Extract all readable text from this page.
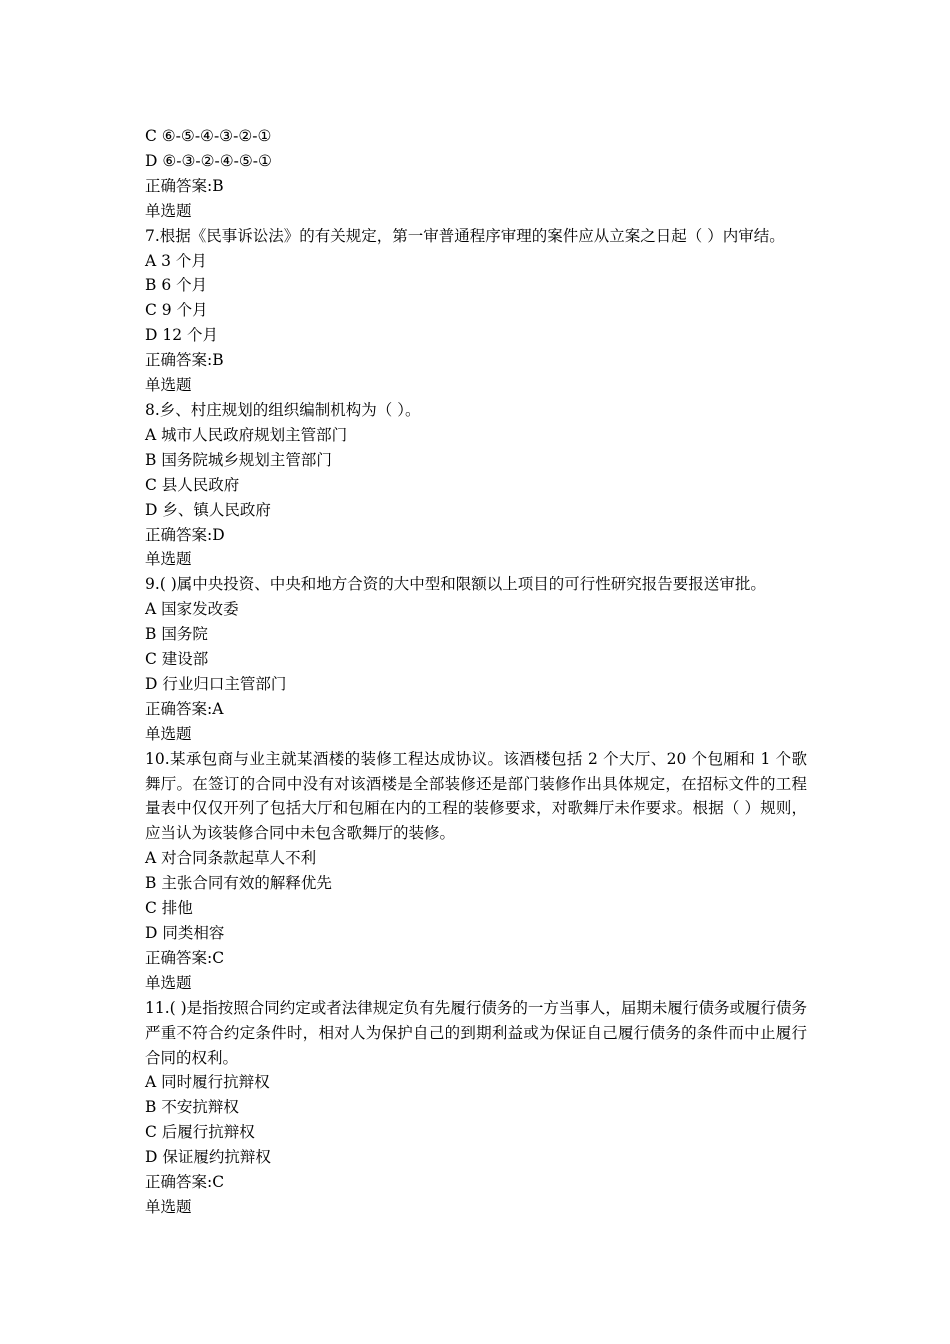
C ⑥-⑤-④-③-②-①
D ⑥-③-②-④-⑤-①
正确答案:B
单选题
7.根据《民事诉讼法》的有关规定，第一审普通程序审理的案件应从立案之日起（ ）内审结。
A 3 个月
B 6 个月
C 9 个月
D 12 个月
正确答案:B
单选题
8.乡、村庄规划的组织编制机构为（ ）。
A 城市人民政府规划主管部门
B 国务院城乡规划主管部门
C 县人民政府
D 乡、镇人民政府
正确答案:D
单选题
9.( )属中央投资、中央和地方合资的大中型和限额以上项目的可行性研究报告要报送审批。
A 国家发改委
B 国务院
C 建设部
D 行业归口主管部门
正确答案:A
单选题
10.某承包商与业主就某酒楼的装修工程达成协议。该酒楼包括 2 个大厅、20 个包厢和 1 个歌舞厅。在签订的合同中没有对该酒楼是全部装修还是部门装修作出具体规定，在招标文件的工程量表中仅仅开列了包括大厅和包厢在内的工程的装修要求，对歌舞厅未作要求。根据（ ）规则，应当认为该装修合同中未包含歌舞厅的装修。
A 对合同条款起草人不利
B 主张合同有效的解释优先
C 排他
D 同类相容
正确答案:C
单选题
11.( )是指按照合同约定或者法律规定负有先履行债务的一方当事人，届期未履行债务或履行债务严重不符合约定条件时，相对人为保护自己的到期利益或为保证自己履行债务的条件而中止履行合同的权利。
A 同时履行抗辩权
B 不安抗辩权
C 后履行抗辩权
D 保证履约抗辩权
正确答案:C
单选题
